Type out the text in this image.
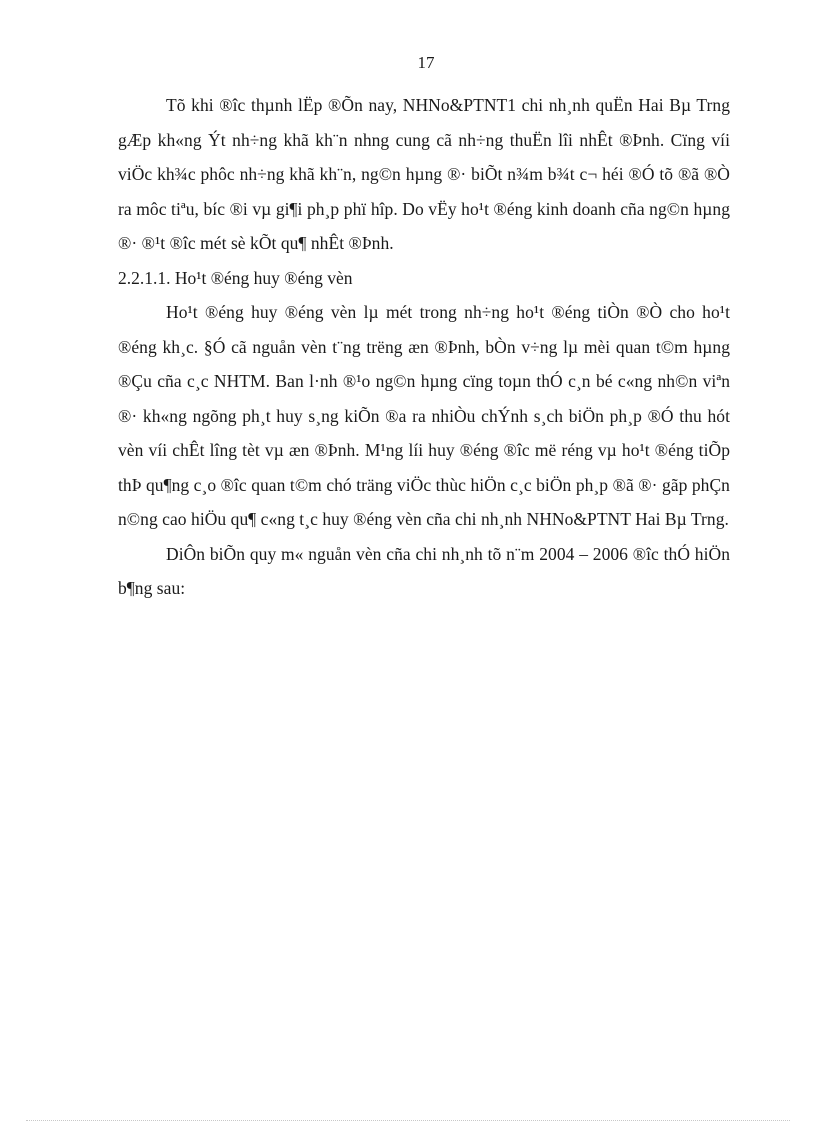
17

Tõ khi ®îc thµnh lËp ®Õn nay, NHNo&PTNT1 chi nh¸nh quËn Hai Bµ Trng gÆp kh«ng Ýt nh÷ng khã kh¨n nhng cung cã nh÷ng thuËn lîi nhÊt ®Þnh. Cïng víi viÖc kh¾c phôc nh÷ng khã kh¨n, ng©n hµng ®· biÕt n¾m b¾t c¬ héi ®Ó tõ ®ã ®Ò ra môc tiªu, bíc ®i vµ gi¶i ph¸p phï hîp. Do vËy ho¹t ®éng kinh doanh cña ng©n hµng ®· ®¹t ®îc mét sè kÕt qu¶ nhÊt ®Þnh.

2.2.1.1. Ho¹t ®éng huy ®éng vèn

Ho¹t ®éng huy ®éng vèn lµ mét trong nh÷ng ho¹t ®éng tiÒn ®Ò cho ho¹t ®éng kh¸c. §Ó cã nguån vèn t¨ng trëng æn ®Þnh, bÒn v÷ng lµ mèi quan t©m hµng ®Çu cña c¸c NHTM. Ban l·nh ®¹o ng©n hµng cïng toµn thÓ c¸n bé c«ng nh©n viªn ®· kh«ng ngõng ph¸t huy s¸ng kiÕn ®a ra nhiÒu chÝnh s¸ch biÖn ph¸p ®Ó thu hót vèn víi chÊt lîng tèt vµ æn ®Þnh. M¹ng líi huy ®éng ®îc më réng vµ ho¹t ®éng tiÕp thÞ qu¶ng c¸o ®îc quan t©m chó träng viÖc thùc hiÖn c¸c biÖn ph¸p ®ã ®· gãp phÇn n©ng cao hiÖu qu¶ c«ng t¸c huy ®éng vèn cña chi nh¸nh NHNo&PTNT Hai Bµ Trng.

DiÔn biÕn quy m« nguån vèn cña chi nh¸nh tõ n¨m 2004 – 2006 ®îc thÓ hiÖn b¶ng sau:
